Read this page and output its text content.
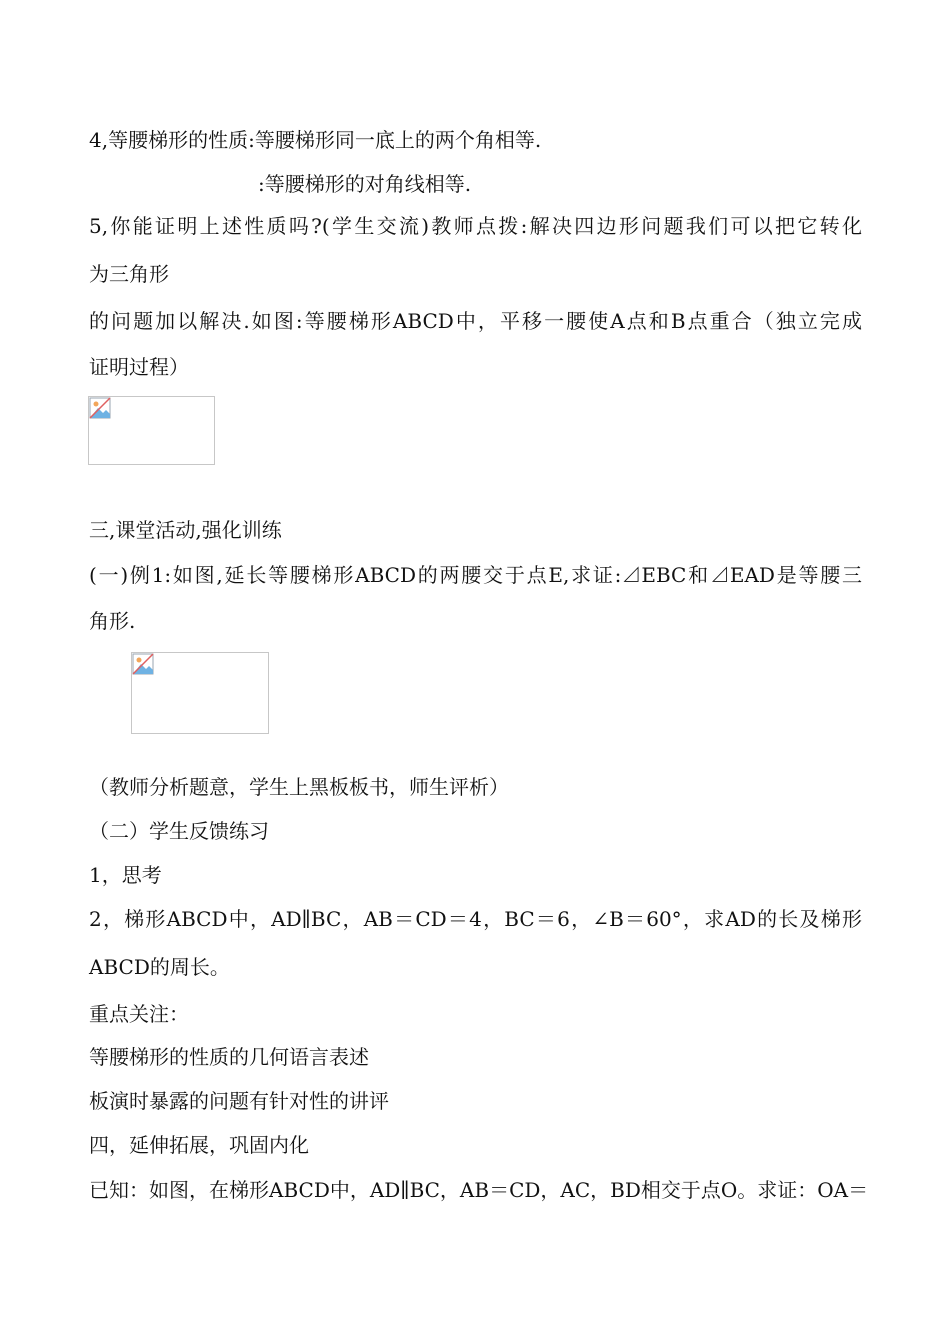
4,等腰梯形的性质:等腰梯形同一底上的两个角相等.
:等腰梯形的对角线相等.
5,你能证明上述性质吗?(学生交流)教师点拨:解决四边形问题我们可以把它转化
为三角形
的问题加以解决.如图:等腰梯形ABCD中，平移一腰使A点和B点重合（独立完成
证明过程）
三,课堂活动,强化训练
(一)例1:如图,延长等腰梯形ABCD的两腰交于点E,求证:⊿EBC和⊿EAD是等腰三
角形.
（教师分析题意，学生上黑板板书，师生评析）
（二）学生反馈练习
1，思考
2，梯形ABCD中，AD∥BC，AB＝CD＝4，BC＝6，∠B＝60°，求AD的长及梯形
ABCD的周长。
重点关注：
等腰梯形的性质的几何语言表述
板演时暴露的问题有针对性的讲评
四，延伸拓展，巩固内化
已知：如图，在梯形ABCD中，AD∥BC，AB＝CD，AC，BD相交于点O。求证：OA＝
